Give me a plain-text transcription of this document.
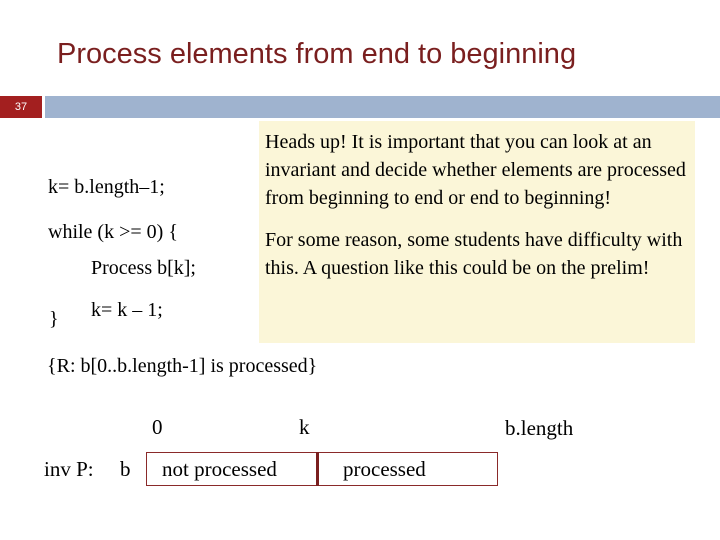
Process elements from end to beginning
37
k= b.length–1;
while (k >= 0) {
Process b[k];
k= k – 1;
}

Heads up! It is important that you can look at an invariant and decide whether elements are processed from beginning to end or end to beginning!

For some reason, some students have difficulty with this. A question like this could be on the prelim!

{R: b[0..b.length-1] is processed}
0	k	b.length
inv P: b not processed	processed
